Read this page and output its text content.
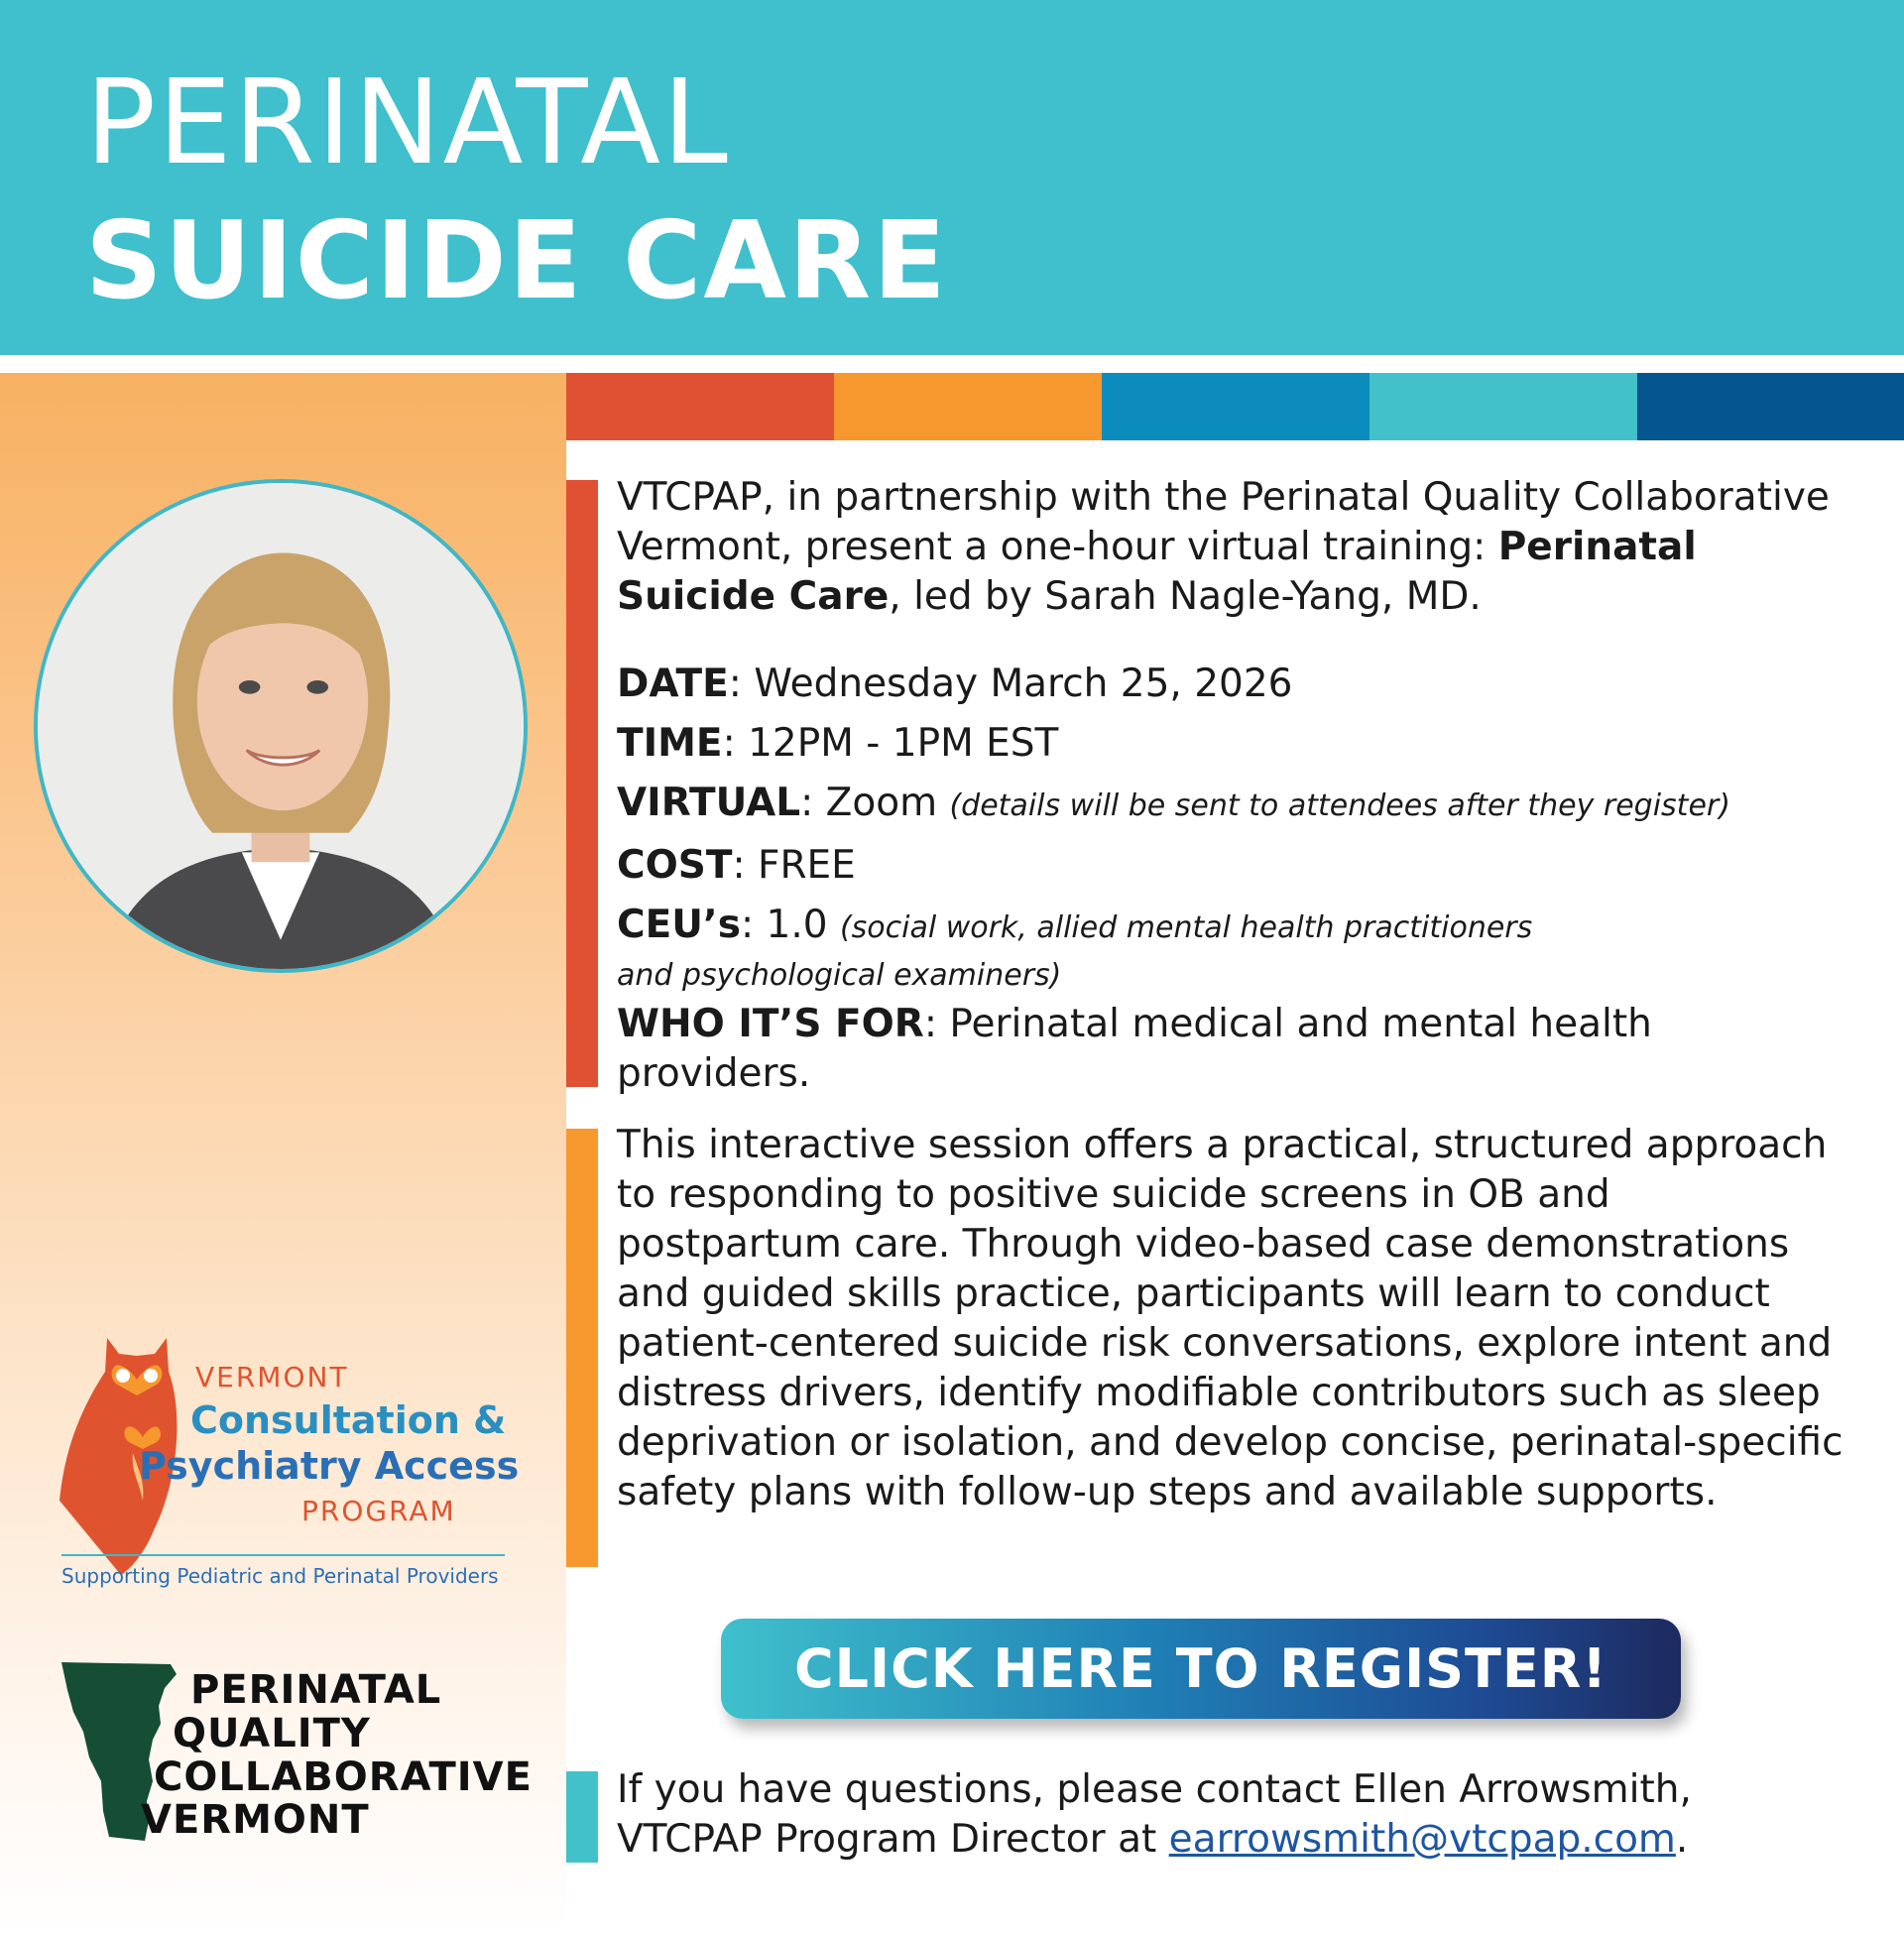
PERINATAL
SUICIDE CARE
VTCPAP, in partnership with the Perinatal Quality Collaborative Vermont, present a one-hour virtual training: Perinatal Suicide Care, led by Sarah Nagle-Yang, MD.
DATE: Wednesday March 25, 2026
TIME: 12PM - 1PM EST
VIRTUAL: Zoom (details will be sent to attendees after they register)
COST: FREE
CEU’s: 1.0 (social work, allied mental health practitioners
and psychological examiners)
WHO IT’S FOR: Perinatal medical and mental health providers.
This interactive session offers a practical, structured approach to responding to positive suicide screens in OB and postpartum care. Through video-based case demonstrations and guided skills practice, participants will learn to conduct patient-centered suicide risk conversations, explore intent and distress drivers, identify modifiable contributors such as sleep deprivation or isolation, and develop concise, perinatal-specific safety plans with follow-up steps and available supports.
CLICK HERE TO REGISTER!
If you have questions, please contact Ellen Arrowsmith, VTCPAP Program Director at earrowsmith@vtcpap.com.
VERMONT
Consultation &
Psychiatry Access
PROGRAM
Supporting Pediatric and Perinatal Providers
PERINATAL
QUALITY
COLLABORATIVE
VERMONT
